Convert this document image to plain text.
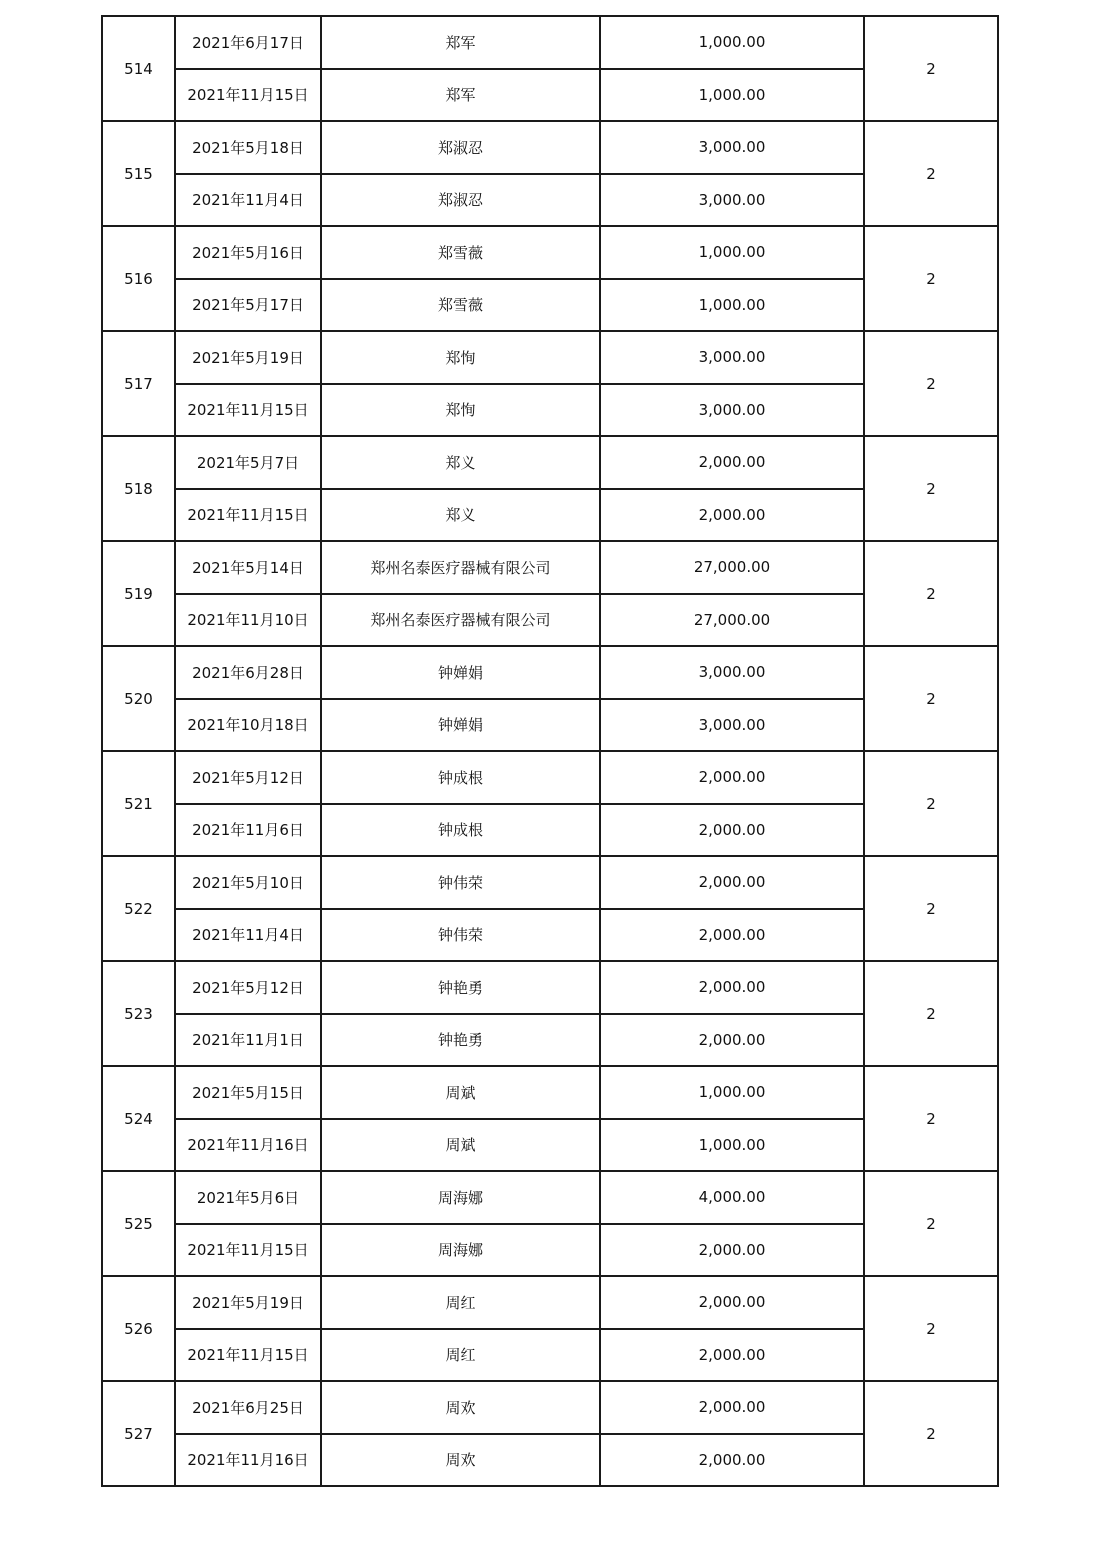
514	2021年6月17日	郑军	1,000.00	2
	2021年11月15日	郑军	1,000.00	
515	2021年5月18日	郑淑忍	3,000.00	2
	2021年11月4日	郑淑忍	3,000.00	
516	2021年5月16日	郑雪薇	1,000.00	2
	2021年5月17日	郑雪薇	1,000.00	
517	2021年5月19日	郑恂	3,000.00	2
	2021年11月15日	郑恂	3,000.00	
518	2021年5月7日	郑义	2,000.00	2
	2021年11月15日	郑义	2,000.00	
519	2021年5月14日	郑州名泰医疗器械有限公司	27,000.00	2
	2021年11月10日	郑州名泰医疗器械有限公司	27,000.00	
520	2021年6月28日	钟婵娟	3,000.00	2
	2021年10月18日	钟婵娟	3,000.00	
521	2021年5月12日	钟成根	2,000.00	2
	2021年11月6日	钟成根	2,000.00	
522	2021年5月10日	钟伟荣	2,000.00	2
	2021年11月4日	钟伟荣	2,000.00	
523	2021年5月12日	钟艳勇	2,000.00	2
	2021年11月1日	钟艳勇	2,000.00	
524	2021年5月15日	周斌	1,000.00	2
	2021年11月16日	周斌	1,000.00	
525	2021年5月6日	周海娜	4,000.00	2
	2021年11月15日	周海娜	2,000.00	
526	2021年5月19日	周红	2,000.00	2
	2021年11月15日	周红	2,000.00	
527	2021年6月25日	周欢	2,000.00	2
	2021年11月16日	周欢	2,000.00	
